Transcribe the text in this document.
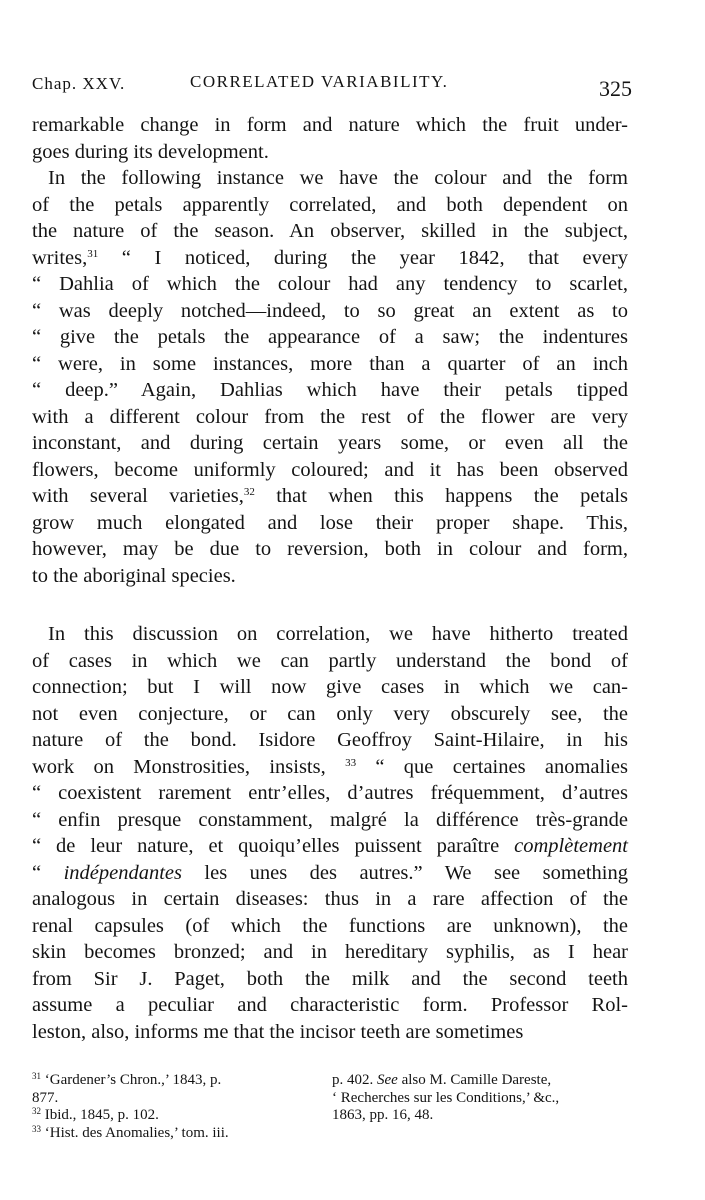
Chap. XXV.	CORRELATED VARIABILITY.	325
remarkable change in form and nature which the fruit under-
goes during its development.
In the following instance we have the colour and the form
of the petals apparently correlated, and both dependent on
the nature of the season. An observer, skilled in the subject,
writes,$^{31}$ “ I noticed, during the year 1842, that every
“ Dahlia of which the colour had any tendency to scarlet,
“ was deeply notched—indeed, to so great an extent as to
“ give the petals the appearance of a saw; the indentures
“ were, in some instances, more than a quarter of an inch
“ deep.” Again, Dahlias which have their petals tipped
with a different colour from the rest of the flower are very
inconstant, and during certain years some, or even all the
flowers, become uniformly coloured; and it has been observed
with several varieties,$^{32}$ that when this happens the petals
grow much elongated and lose their proper shape. This,
however, may be due to reversion, both in colour and form,
to the aboriginal species.
In this discussion on correlation, we have hitherto treated
of cases in which we can partly understand the bond of
connection; but I will now give cases in which we can-
not even conjecture, or can only very obscurely see, the
nature of the bond. Isidore Geoffroy Saint-Hilaire, in his
work on Monstrosities, insists, $^{33}$ “ que certaines anomalies
“ coexistent rarement entr’elles, d’autres fréquemment, d’autres
“ enfin presque constamment, malgré la différence très-grande
“ de leur nature, et quoiqu’elles puissent paraître complètement
“ indépendantes les unes des autres.” We see something
analogous in certain diseases: thus in a rare affection of the
renal capsules (of which the functions are unknown), the
skin becomes bronzed; and in hereditary syphilis, as I hear
from Sir J. Paget, both the milk and the second teeth
assume a peculiar and characteristic form. Professor Rol-
leston, also, informs me that the incisor teeth are sometimes
$^{31}$ ‘Gardener’s Chron.,’ 1843, p.
877.
$^{32}$ Ibid., 1845, p. 102.
$^{33}$ ‘Hist. des Anomalies,’ tom. iii.
p. 402. See also M. Camille Dareste,
‘ Recherches sur les Conditions,’ &c.,
1863, pp. 16, 48.
